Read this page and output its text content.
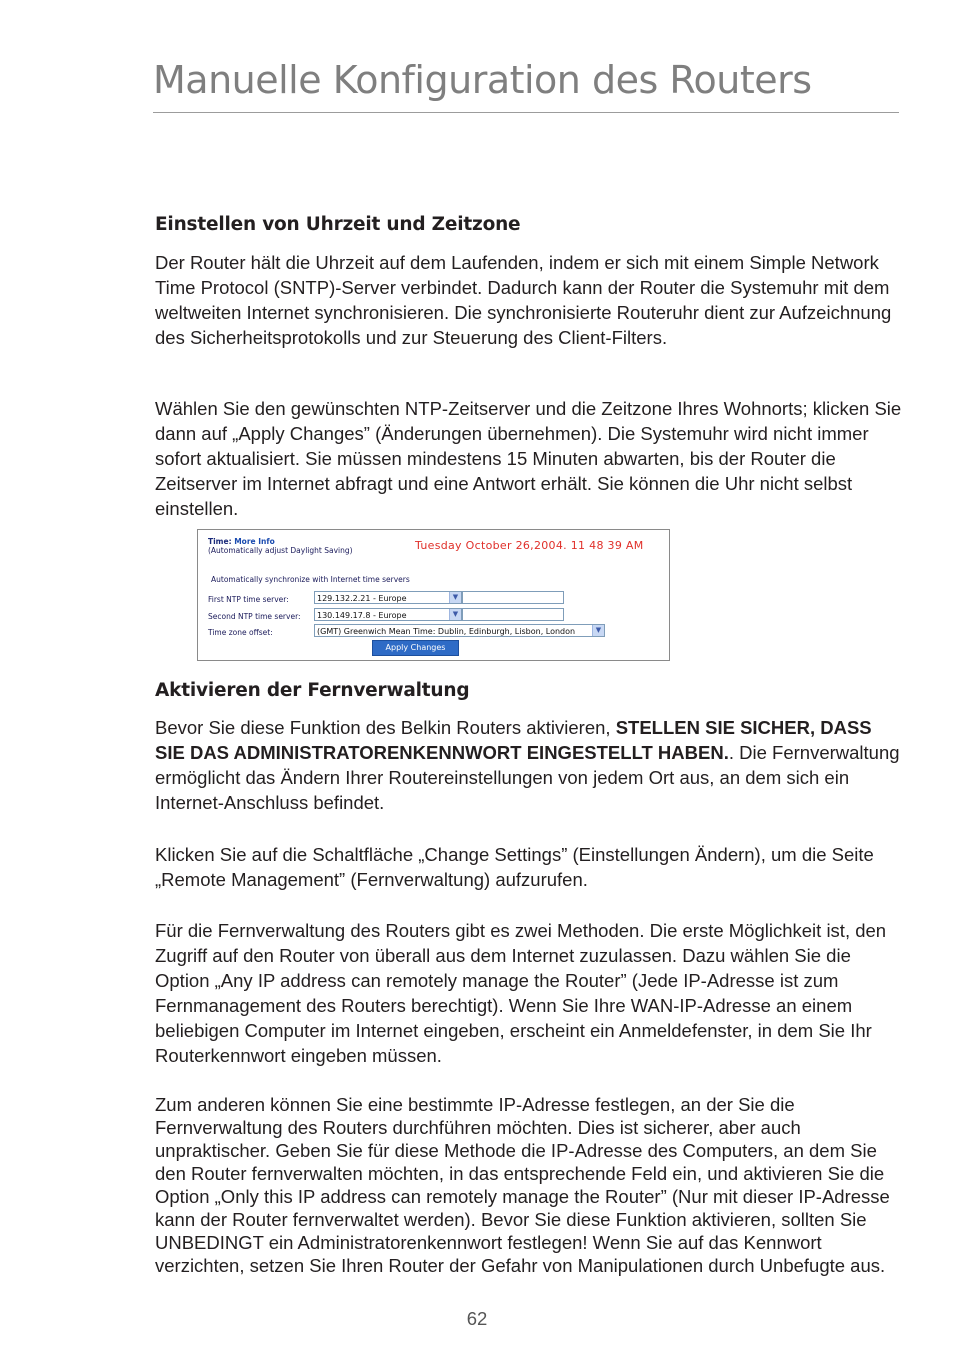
Manuelle Konfiguration des Routers
Einstellen von Uhrzeit und Zeitzone

Der Router hält die Uhrzeit auf dem Laufenden, indem er sich mit einem Simple Network Time Protocol (SNTP)-Server verbindet. Dadurch kann der Router die Systemuhr mit dem weltweiten Internet synchronisieren. Die synchronisierte Routeruhr dient zur Aufzeichnung des Sicherheitsprotokolls und zur Steuerung des Client-Filters.

Wählen Sie den gewünschten NTP-Zeitserver und die Zeitzone Ihres Wohnorts; klicken Sie dann auf „Apply Changes” (Änderungen übernehmen). Die Systemuhr wird nicht immer sofort aktualisiert. Sie müssen mindestens 15 Minuten abwarten, bis der Router die Zeitserver im Internet abfragt und eine Antwort erhält. Sie können die Uhr nicht selbst einstellen.

Time: More Info
(Automatically adjust Daylight Saving)	Tuesday October 26,2004. 11 48 39 AM
Automatically synchronize with Internet time servers
First NTP time server:	129.132.2.21 - Europe	▼
Second NTP time server:	130.149.17.8 - Europe	▼
Time zone offset:	(GMT) Greenwich Mean Time: Dublin, Edinburgh, Lisbon, London	▼
Apply Changes
Aktivieren der Fernverwaltung

Bevor Sie diese Funktion des Belkin Routers aktivieren, STELLEN SIE SICHER, DASS SIE DAS ADMINISTRATORENKENNWORT EINGESTELLT HABEN.. Die Fernverwaltung ermöglicht das Ändern Ihrer Routereinstellungen von jedem Ort aus, an dem sich ein Internet-Anschluss befindet.

Klicken Sie auf die Schaltfläche „Change Settings” (Einstellungen Ändern), um die Seite „Remote Management” (Fernverwaltung) aufzurufen.

Für die Fernverwaltung des Routers gibt es zwei Methoden. Die erste Möglichkeit ist, den Zugriff auf den Router von überall aus dem Internet zuzulassen. Dazu wählen Sie die Option „Any IP address can remotely manage the Router” (Jede IP-Adresse ist zum Fernmanagement des Routers berechtigt). Wenn Sie Ihre WAN-IP-Adresse an einem beliebigen Computer im Internet eingeben, erscheint ein Anmeldefenster, in dem Sie Ihr Routerkennwort eingeben müssen.

Zum anderen können Sie eine bestimmte IP-Adresse festlegen, an der Sie die Fernverwaltung des Routers durchführen möchten. Dies ist sicherer, aber auch unpraktischer. Geben Sie für diese Methode die IP-Adresse des Computers, an dem Sie den Router fernverwalten möchten, in das entsprechende Feld ein, und aktivieren Sie die Option „Only this IP address can remotely manage the Router” (Nur mit dieser IP-Adresse kann der Router fernverwaltet werden). Bevor Sie diese Funktion aktivieren, sollten Sie UNBEDINGT ein Administratorenkennwort festlegen! Wenn Sie auf das Kennwort verzichten, setzen Sie Ihren Router der Gefahr von Manipulationen durch Unbefugte aus.

62
